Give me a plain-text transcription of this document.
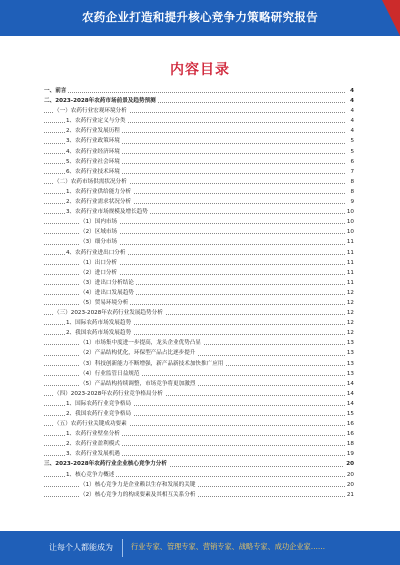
农药企业打造和提升核心竞争力策略研究报告
内容目录
一、前言	4
二、2023-2028年农药市场前景及趋势预测	4
（一）农药行业宏观环境分析	4
1、农药行业定义与分类	4
2、农药行业发展历程	4
3、农药行业政策环境	5
4、农药行业经济环境	5
5、农药行业社会环境	6
6、农药行业技术环境	7
（二）农药市场供需状况分析	8
1、农药行业供给能力分析	8
2、农药行业需求状况分析	9
3、农药行业市场规模及增长趋势	10
（1）国内市场	10
（2）区域市场	10
（3）细分市场	11
4、农药行业进出口分析	11
（1）出口分析	11
（2）进口分析	11
（3）进出口分析结论	11
（4）进出口发展趋势	12
（5）贸易环境分析	12
（三）2023-2028年农药行业发展趋势分析	12
1、国际农药市场发展趋势	12
2、我国农药市场发展趋势	12
（1）市场集中度进一步提高，龙头企业优势凸显	13
（2）产品结构优化，环保型产品占比逐步提升	13
（3）科技创新能力不断增强，新产品新技术加快推广应用	13
（4）行业监管日益规范	13
（5）产品结构持续调整，市场竞争将更加激烈	14
（四）2023-2028年农药行业竞争格局分析	14
1、国际农药行业竞争格局	14
2、我国农药行业竞争格局	15
（五）农药行业关键成功要素	16
1、农药行业壁垒分析	16
2、农药行业盈利模式	18
3、农药行业发展机遇	19
三、2023-2028年农药行业企业核心竞争力分析	20
1、核心竞争力概述	20
（1）核心竞争力是企业赖以生存和发展的关键	20
（2）核心竞争力的构成要素及其相互关系分析	21
让每个人都能成为	行业专家、管理专家、营销专家、战略专家、成功企业家……
